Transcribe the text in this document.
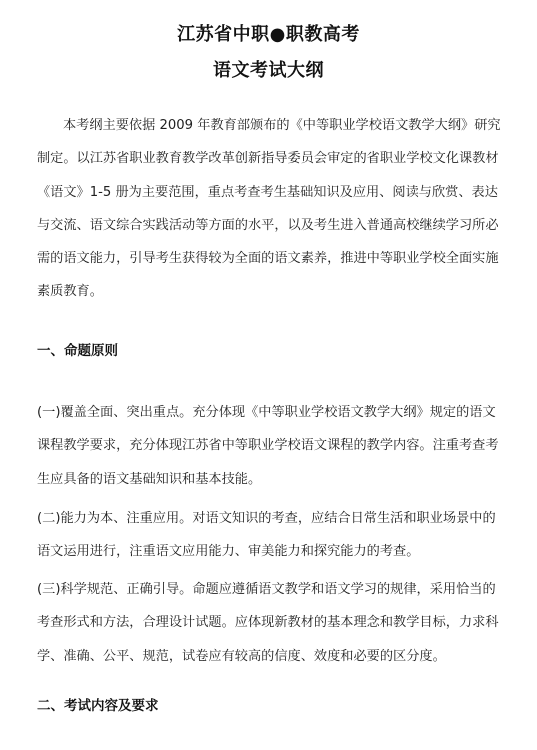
江苏省中职●职教高考
语文考试大纲
本考纲主要依据 2009 年教育部颁布的《中等职业学校语文教学大纲》研究
制定。以江苏省职业教育教学改革创新指导委员会审定的省职业学校文化课教材
《语文》1-5 册为主要范围，重点考查考生基础知识及应用、阅读与欣赏、表达
与交流、语文综合实践活动等方面的水平，以及考生进入普通高校继续学习所必
需的语文能力，引导考生获得较为全面的语文素养，推进中等职业学校全面实施
素质教育。
一、命题原则
(一)覆盖全面、突出重点。充分体现《中等职业学校语文教学大纲》规定的语文
课程教学要求，充分体现江苏省中等职业学校语文课程的教学内容。注重考查考
生应具备的语文基础知识和基本技能。
(二)能力为本、注重应用。对语文知识的考查，应结合日常生活和职业场景中的
语文运用进行，注重语文应用能力、审美能力和探究能力的考查。
(三)科学规范、正确引导。命题应遵循语文教学和语文学习的规律，采用恰当的
考查形式和方法，合理设计试题。应体现新教材的基本理念和教学目标，力求科
学、准确、公平、规范，试卷应有较高的信度、效度和必要的区分度。
二、考试内容及要求
